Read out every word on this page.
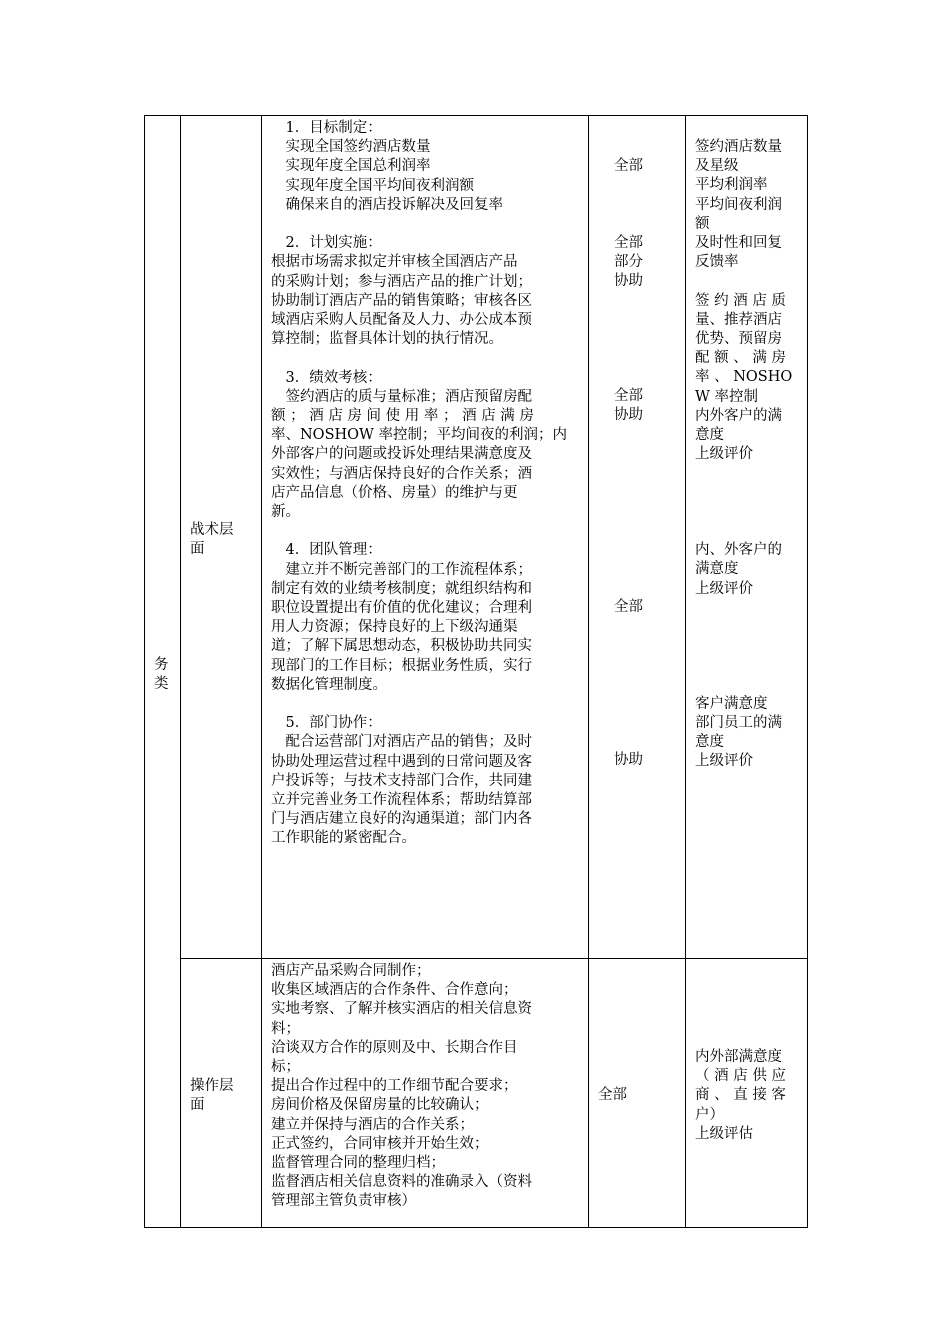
务
类
战术层
面
　1．目标制定：
　实现全国签约酒店数量
　实现年度全国总利润率
　实现年度全国平均间夜利润额
　确保来自的酒店投诉解决及回复率
　2．计划实施：
根据市场需求拟定并审核全国酒店产品
的采购计划；参与酒店产品的推广计划；
协助制订酒店产品的销售策略；审核各区
域酒店采购人员配备及人力、办公成本预
算控制；监督具体计划的执行情况。
　3．绩效考核：
　签约酒店的质与量标准；酒店预留房配
额 ； 酒 店 房 间 使 用 率 ； 酒 店 满 房
率、NOSHOW 率控制；平均间夜的利润；内
外部客户的问题或投诉处理结果满意度及
实效性；与酒店保持良好的合作关系；酒
店产品信息（价格、房量）的维护与更
新。
　4．团队管理：
　建立并不断完善部门的工作流程体系；
制定有效的业绩考核制度；就组织结构和
职位设置提出有价值的优化建议；合理利
用人力资源；保持良好的上下级沟通渠
道；了解下属思想动态，积极协助共同实
现部门的工作目标；根据业务性质，实行
数据化管理制度。
　5．部门协作：
　配合运营部门对酒店产品的销售；及时
协助处理运营过程中遇到的日常问题及客
户投诉等；与技术支持部门合作，共同建
立并完善业务工作流程体系；帮助结算部
门与酒店建立良好的沟通渠道；部门内各
工作职能的紧密配合。
全部
全部
部分
协助
全部
协助
全部
协助
签约酒店数量
及星级
平均利润率
平均间夜利润
额
及时性和回复
反馈率
签 约 酒 店 质
量、推荐酒店
优势、预留房
配 额 、 满 房
率 、 NOSHO
W 率控制
内外客户的满
意度
上级评价
内、外客户的
满意度
上级评价
客户满意度
部门员工的满
意度
上级评价
操作层
面
酒店产品采购合同制作；
收集区域酒店的合作条件、合作意向；
实地考察、了解并核实酒店的相关信息资
料；
洽谈双方合作的原则及中、长期合作目
标；
提出合作过程中的工作细节配合要求；
房间价格及保留房量的比较确认；
建立并保持与酒店的合作关系；
正式签约，合同审核并开始生效；
监督管理合同的整理归档；
监督酒店相关信息资料的准确录入（资料
管理部主管负责审核）
全部
内外部满意度
（ 酒 店 供 应
商 、 直 接 客
户）
上级评估
